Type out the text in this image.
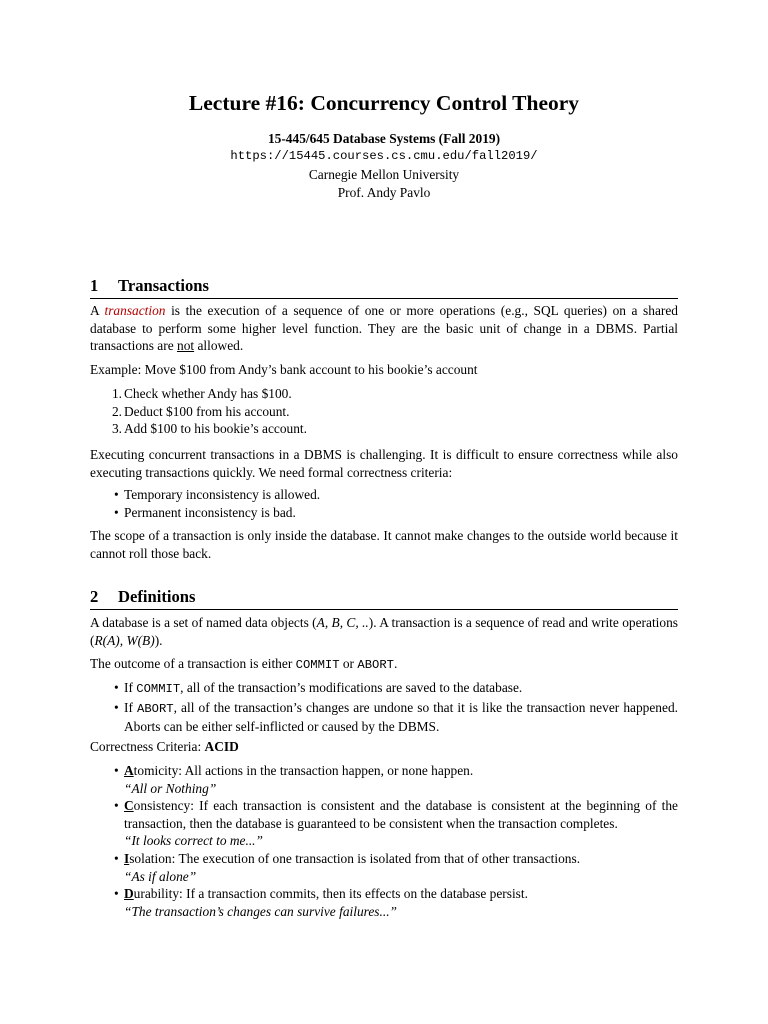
Lecture #16: Concurrency Control Theory
15-445/645 Database Systems (Fall 2019)
https://15445.courses.cs.cmu.edu/fall2019/
Carnegie Mellon University
Prof. Andy Pavlo
1 Transactions
A transaction is the execution of a sequence of one or more operations (e.g., SQL queries) on a shared database to perform some higher level function. They are the basic unit of change in a DBMS. Partial transactions are not allowed.
Example: Move $100 from Andy’s bank account to his bookie’s account
1. Check whether Andy has $100.
2. Deduct $100 from his account.
3. Add $100 to his bookie’s account.
Executing concurrent transactions in a DBMS is challenging. It is difficult to ensure correctness while also executing transactions quickly. We need formal correctness criteria:
• Temporary inconsistency is allowed.
• Permanent inconsistency is bad.
The scope of a transaction is only inside the database. It cannot make changes to the outside world because it cannot roll those back.
2 Definitions
A database is a set of named data objects (A, B, C, ..). A transaction is a sequence of read and write operations (R(A), W(B)).
The outcome of a transaction is either COMMIT or ABORT.
• If COMMIT, all of the transaction’s modifications are saved to the database.
• If ABORT, all of the transaction’s changes are undone so that it is like the transaction never happened. Aborts can be either self-inflicted or caused by the DBMS.
Correctness Criteria: ACID
• Atomicity: All actions in the transaction happen, or none happen.
“All or Nothing”
• Consistency: If each transaction is consistent and the database is consistent at the beginning of the transaction, then the database is guaranteed to be consistent when the transaction completes.
“It looks correct to me...”
• Isolation: The execution of one transaction is isolated from that of other transactions.
“As if alone”
• Durability: If a transaction commits, then its effects on the database persist.
“The transaction’s changes can survive failures...”
